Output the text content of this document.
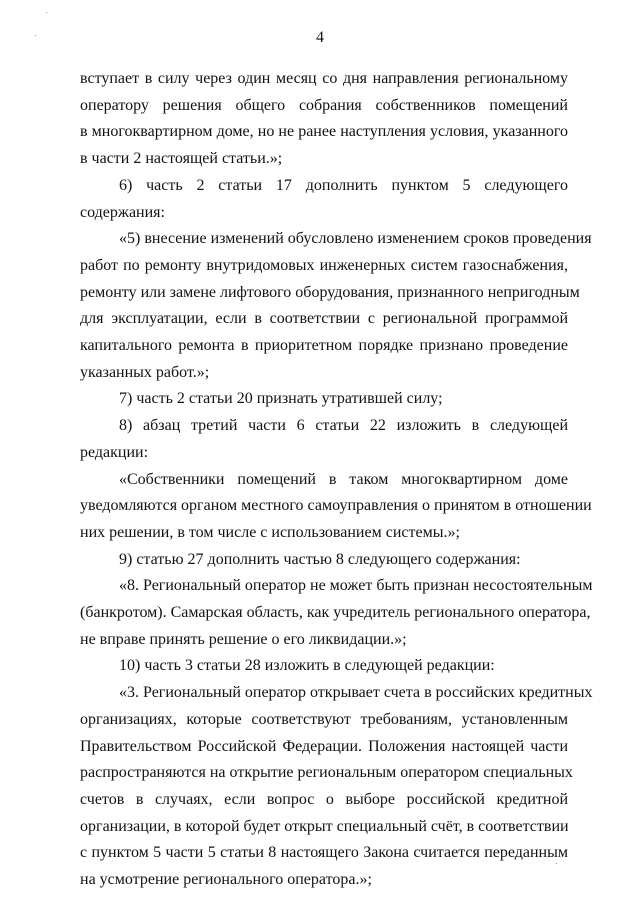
4

вступает в силу через один месяц со дня направления региональному
оператору решения общего собрания собственников помещений
в многоквартирном доме, но не ранее наступления условия, указанного
в части 2 настоящей статьи.»;

6) часть 2 статьи 17 дополнить пунктом 5 следующего содержания:

«5) внесение изменений обусловлено изменением сроков проведения
работ по ремонту внутридомовых инженерных систем газоснабжения,
ремонту или замене лифтового оборудования, признанного непригодным
для эксплуатации, если в соответствии с региональной программой
капитального ремонта в приоритетном порядке признано проведение
указанных работ.»;

7) часть 2 статьи 20 признать утратившей силу;

8) абзац третий части 6 статьи 22 изложить в следующей редакции:

«Собственники помещений в таком многоквартирном доме
уведомляются органом местного самоуправления о принятом в отношении
них решении, в том числе с использованием системы.»;

9) статью 27 дополнить частью 8 следующего содержания:

«8. Региональный оператор не может быть признан несостоятельным
(банкротом). Самарская область, как учредитель регионального оператора,
не вправе принять решение о его ликвидации.»;

10) часть 3 статьи 28 изложить в следующей редакции:

«3. Региональный оператор открывает счета в российских кредитных
организациях, которые соответствуют требованиям, установленным
Правительством Российской Федерации. Положения настоящей части
распространяются на открытие региональным оператором специальных
счетов в случаях, если вопрос о выборе российской кредитной
организации, в которой будет открыт специальный счёт, в соответствии
с пунктом 5 части 5 статьи 8 настоящего Закона считается переданным
на усмотрение регионального оператора.»;
